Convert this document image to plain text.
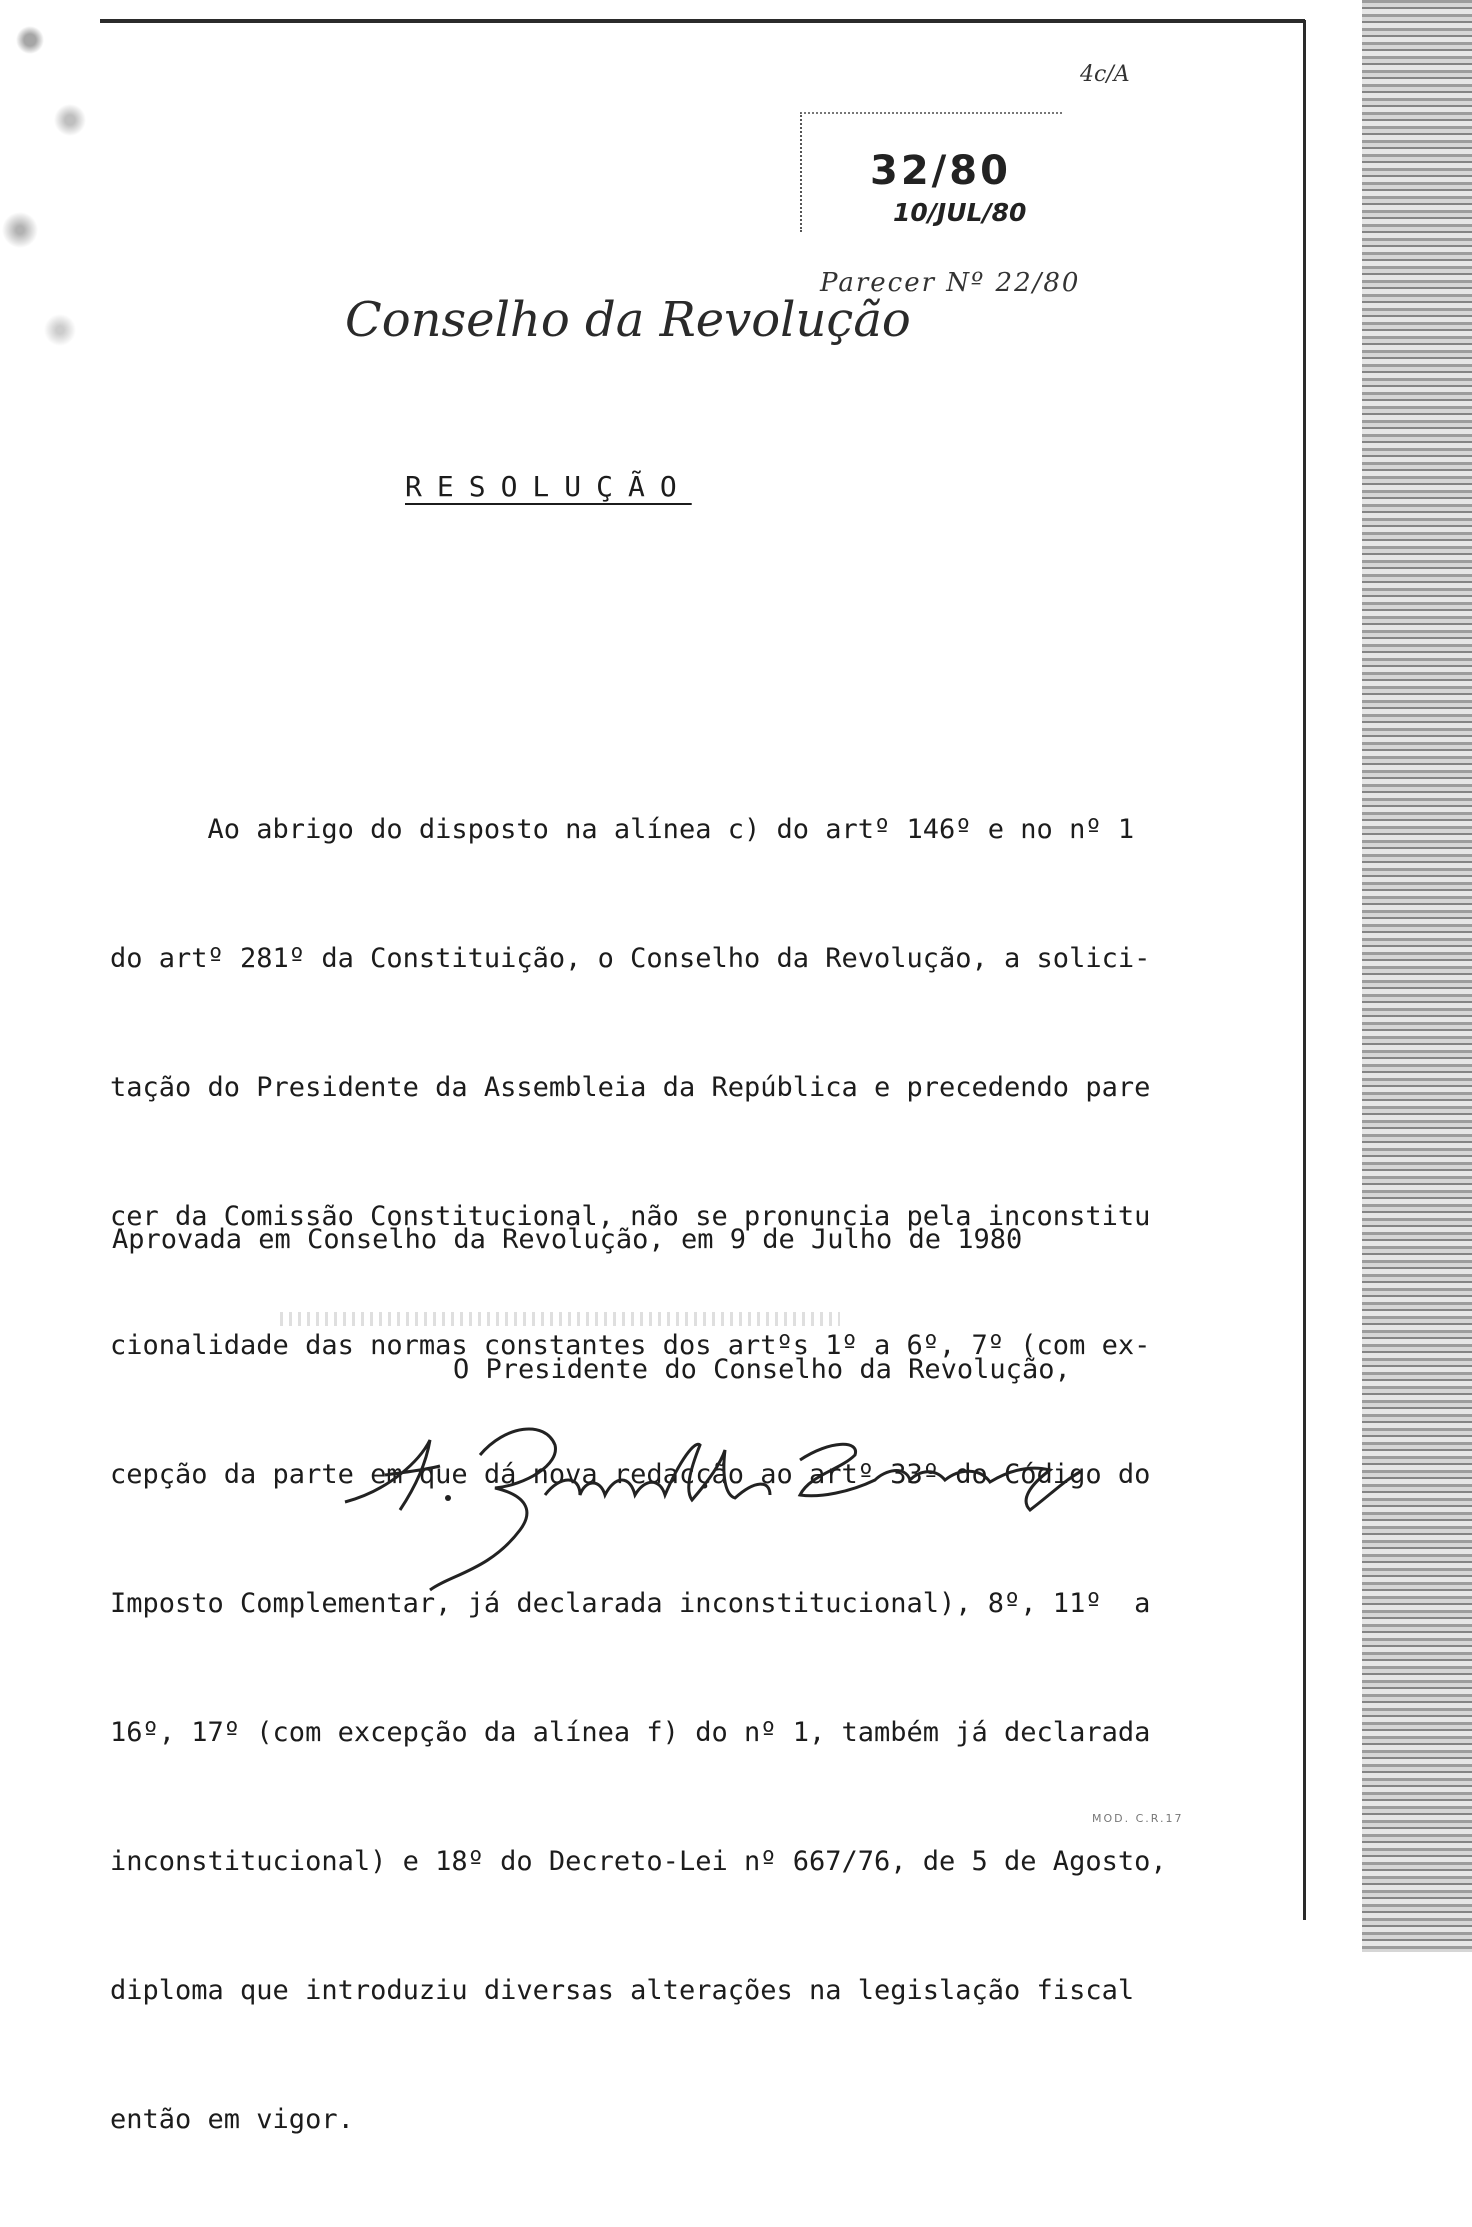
4c/A
32/80
10/JUL/80
Parecer Nº 22/80
Conselho da Revolução
RESOLUÇÃO

Ao abrigo do disposto na alínea c) do artº 146º e no nº 1

do artº 281º da Constituição, o Conselho da Revolução, a solici-

tação do Presidente da Assembleia da República e precedendo pare

cer da Comissão Constitucional, não se pronuncia pela inconstitu

cionalidade das normas constantes dos artºs 1º a 6º, 7º (com ex-

cepção da parte em que dá nova redacção ao artº 33º do Código do

Imposto Complementar, já declarada inconstitucional), 8º, 11º  a

16º, 17º (com excepção da alínea f) do nº 1, também já declarada

inconstitucional) e 18º do Decreto-Lei nº 667/76, de 5 de Agosto,

diploma que introduziu diversas alterações na legislação fiscal

então em vigor.

Aprovada em Conselho da Revolução, em 9 de Julho de 1980
O Presidente do Conselho da Revolução,
MOD. C.R.17
